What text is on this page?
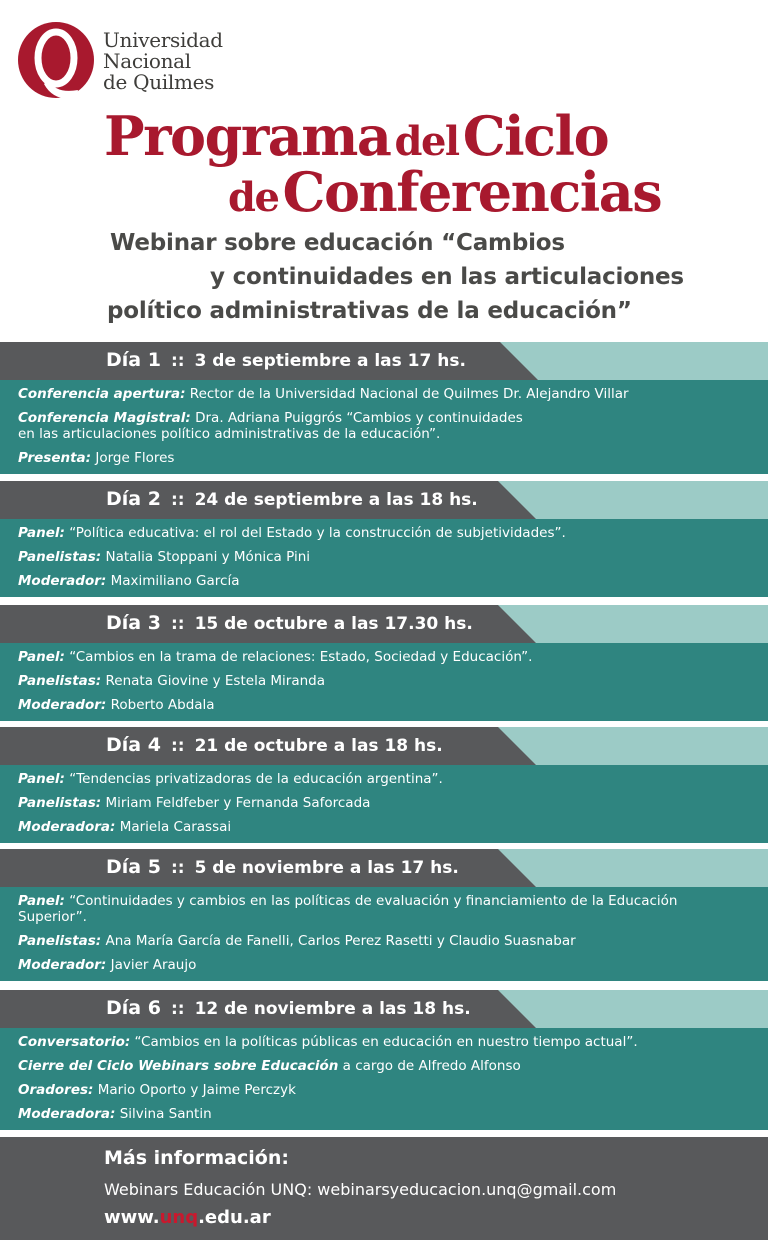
Universidad
Nacional
de Quilmes
Programa del Ciclo
de Conferencias
Webinar sobre educación “Cambios
y continuidades en las articulaciones
político administrativas de la educación”
Día 1 :: 3 de septiembre a las 17 hs.
Conferencia apertura: Rector de la Universidad Nacional de Quilmes Dr. Alejandro Villar
Conferencia Magistral: Dra. Adriana Puiggrós “Cambios y continuidades
en las articulaciones político administrativas de la educación”.
Presenta: Jorge Flores
Día 2 :: 24 de septiembre a las 18 hs.
Panel: “Política educativa: el rol del Estado y la construcción de subjetividades”.
Panelistas: Natalia Stoppani y Mónica Pini
Moderador: Maximiliano García
Día 3 :: 15 de octubre a las 17.30 hs.
Panel: “Cambios en la trama de relaciones: Estado, Sociedad y Educación”.
Panelistas: Renata Giovine y Estela Miranda
Moderador: Roberto Abdala
Día 4 :: 21 de octubre a las 18 hs.
Panel: “Tendencias privatizadoras de la educación argentina”.
Panelistas: Miriam Feldfeber y Fernanda Saforcada
Moderadora: Mariela Carassai
Día 5 :: 5 de noviembre a las 17 hs.
Panel: “Continuidades y cambios en las políticas de evaluación y financiamiento de la Educación Superior”.
Panelistas: Ana María García de Fanelli, Carlos Perez Rasetti y Claudio Suasnabar
Moderador: Javier Araujo
Día 6 :: 12 de noviembre a las 18 hs.
Conversatorio: “Cambios en la políticas públicas en educación en nuestro tiempo actual”.
Cierre del Ciclo Webinars sobre Educación a cargo de Alfredo Alfonso
Oradores: Mario Oporto y Jaime Perczyk
Moderadora: Silvina Santin
Más información:
Webinars Educación UNQ: webinarsyeducacion.unq@gmail.com
www.unq.edu.ar
